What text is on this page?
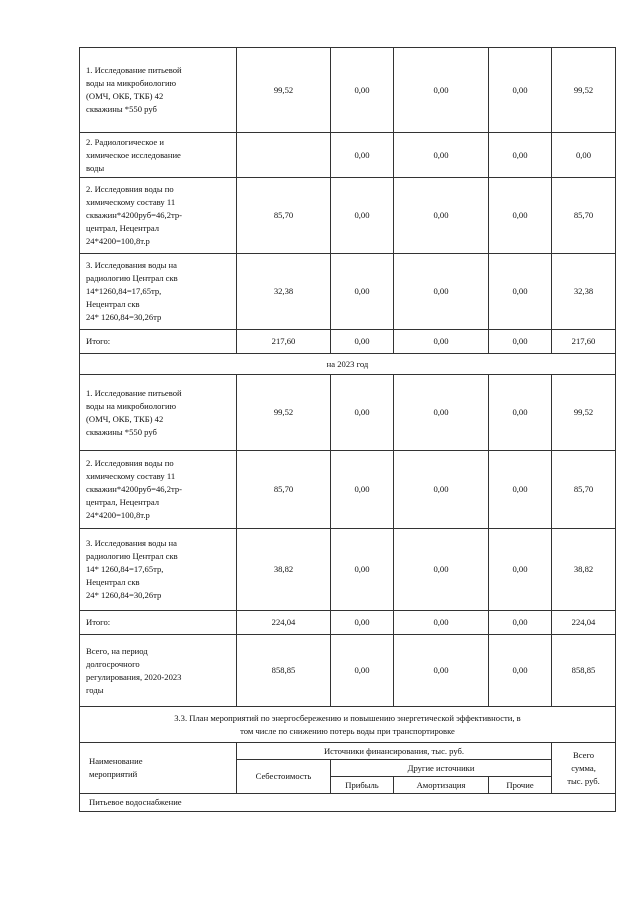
1. Исследование питьевой
воды на микробиологию
(ОМЧ, ОКБ, ТКБ) 42
скважины *550 руб	99,52	0,00	0,00	0,00	99,52
2. Радиологическое и
химическое исследование
воды		0,00	0,00	0,00	0,00
2. Исследовния воды по
химическому составу 11
скважин*4200руб=46,2тр-
централ, Нецентрал
24*4200=100,8т.р	85,70	0,00	0,00	0,00	85,70
3. Исследования воды на
радиологию Централ скв
14*1260,84=17,65тр,
Нецентрал скв
24* 1260,84=30,26тр	32,38	0,00	0,00	0,00	32,38
Итого:	217,60	0,00	0,00	0,00	217,60
на 2023 год					
1. Исследование питьевой
воды на микробиологию
(ОМЧ, ОКБ, ТКБ) 42
скважины *550 руб	99,52	0,00	0,00	0,00	99,52
2. Исследовния воды по
химическому составу 11
скважин*4200руб=46,2тр-
централ, Нецентрал
24*4200=100,8т.р	85,70	0,00	0,00	0,00	85,70
3. Исследования воды на
радиологию Централ скв
14* 1260,84=17,65тр,
Нецентрал скв
24* 1260,84=30,26тр	38,82	0,00	0,00	0,00	38,82
Итого:	224,04	0,00	0,00	0,00	224,04
Всего, на период
долгосрочного
регулирования, 2020-2023
годы	858,85	0,00	0,00	0,00	858,85
3.3. План мероприятий по энергосбережению и повышению энергетической эффективности, в
том числе по снижению потерь воды при транспортировке					
Наименование
мероприятий	Источники финансирования, тыс. руб.				Всего
сумма,
тыс. руб.
	Себестоимость	Другие источники			
		Прибыль	Амортизация	Прочие	
Питьевое водоснабжение					
